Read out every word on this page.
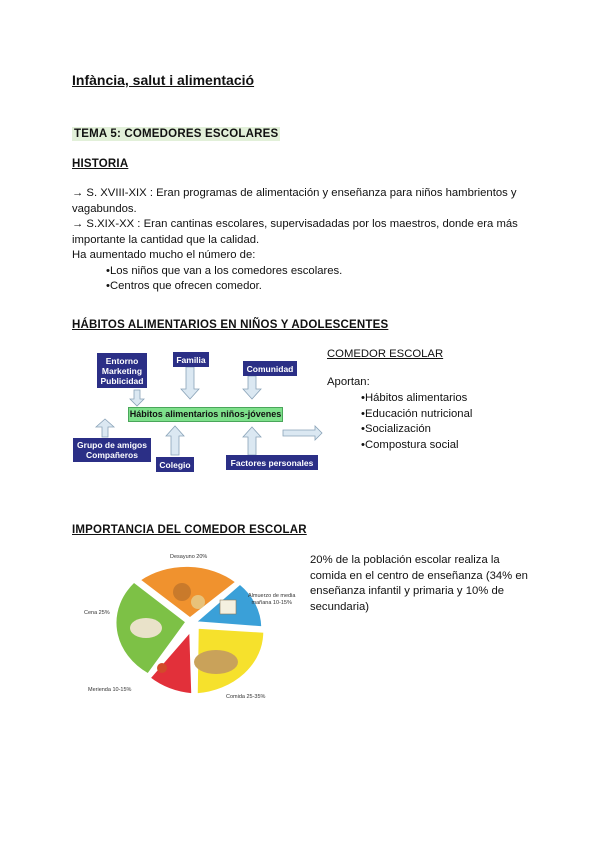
Infància, salut i alimentació
TEMA 5: COMEDORES ESCOLARES
HISTORIA
→ S. XVIII-XIX : Eran programas de alimentación y enseñanza para niños hambrientos y
vagabundos.
→ S.XIX-XX : Eran cantinas escolares, supervisadadas por los maestros, donde era más
importante la cantidad que la calidad.
Ha aumentado mucho el número de:
• Los niños que van a los comedores escolares.
• Centros que ofrecen comedor.
HÁBITOS ALIMENTARIOS EN NIÑOS Y ADOLESCENTES
Entorno
Marketing
Publicidad
Familia
Comunidad
Hábitos alimentarios niños-jóvenes
Grupo de amigos
Compañeros
Colegio	Factores personales
COMEDOR ESCOLAR
Aportan:
• Hábitos alimentarios
• Educación nutricional
• Socialización
• Compostura social
IMPORTANCIA DEL COMEDOR ESCOLAR
20% de la población escolar realiza la
comida en el centro de enseñanza (34% en
enseñanza infantil y primaria y 10% de
secundaria)
Desayuno 20%
Almuerzo de media
mañana 10-15%
Cena 25%
Merienda 10-15%
Comida 25-35%
